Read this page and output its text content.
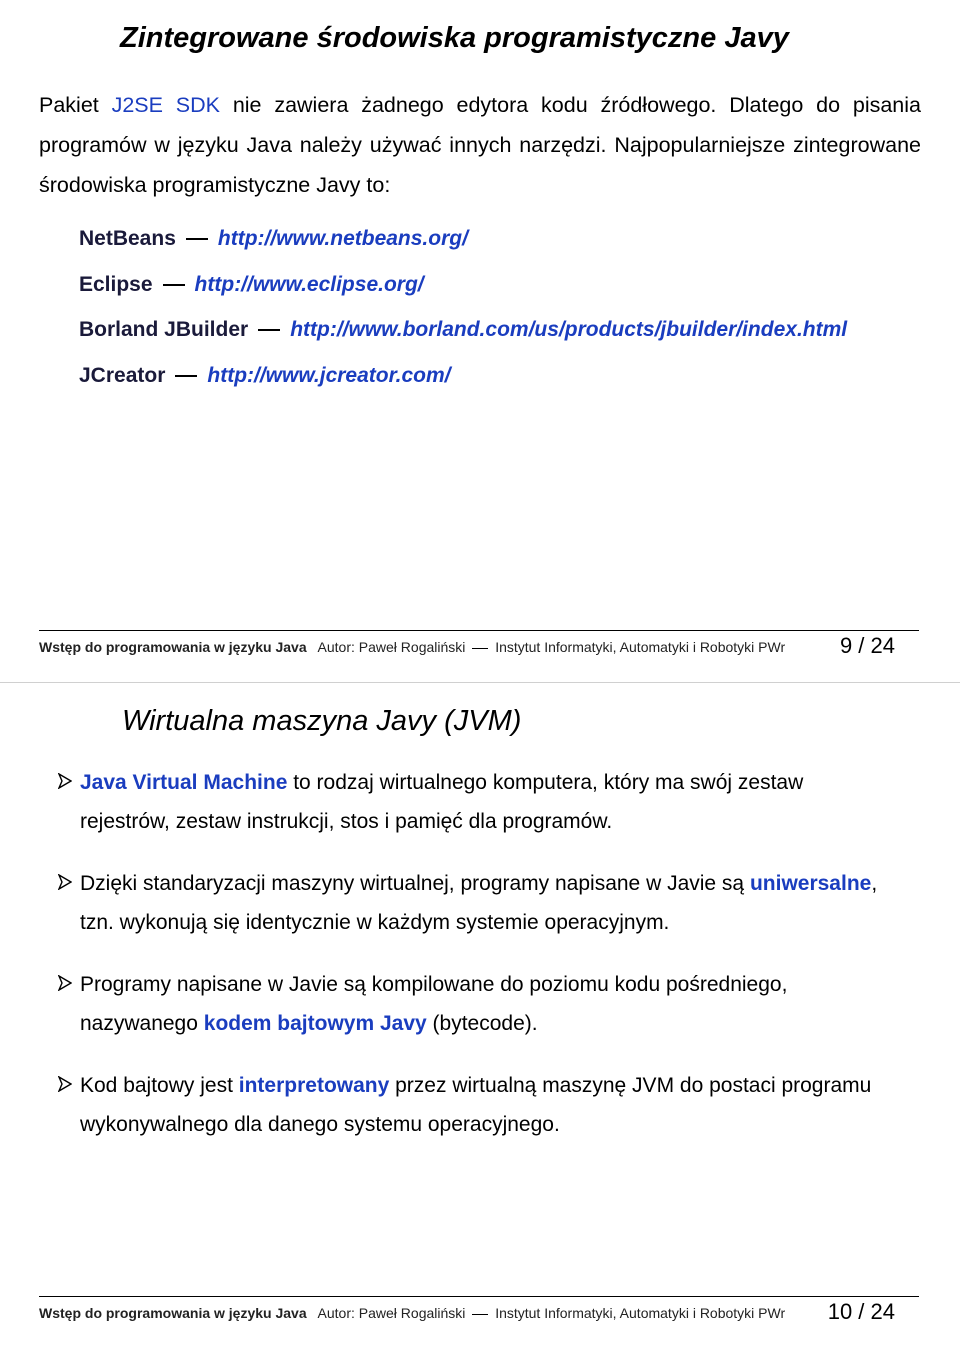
Zintegrowane środowiska programistyczne Javy
Pakiet J2SE SDK nie zawiera żadnego edytora kodu źródłowego. Dlatego do pisania programów w języku Java należy używać innych narzędzi. Najpopularniejsze zintegrowane środowiska programistyczne Javy to:
NetBeans http://www.netbeans.org/
Eclipse http://www.eclipse.org/
Borland JBuilder http://www.borland.com/us/products/jbuilder/index.html
JCreator http://www.jcreator.com/
Wstęp do programowania w języku Java Autor: Paweł Rogaliński Instytut Informatyki, Automatyki i Robotyki PWr 9 / 24
Wirtualna maszyna Javy (JVM)
Java Virtual Machine to rodzaj wirtualnego komputera, który ma swój zestaw rejestrów, zestaw instrukcji, stos i pamięć dla programów.
Dzięki standaryzacji maszyny wirtualnej, programy napisane w Javie są uniwersalne, tzn. wykonują się identycznie w każdym systemie operacyjnym.
Programy napisane w Javie są kompilowane do poziomu kodu pośredniego, nazywanego kodem bajtowym Javy (bytecode).
Kod bajtowy jest interpretowany przez wirtualną maszynę JVM do postaci programu wykonywalnego dla danego systemu operacyjnego.
Wstęp do programowania w języku Java Autor: Paweł Rogaliński Instytut Informatyki, Automatyki i Robotyki PWr 10 / 24
